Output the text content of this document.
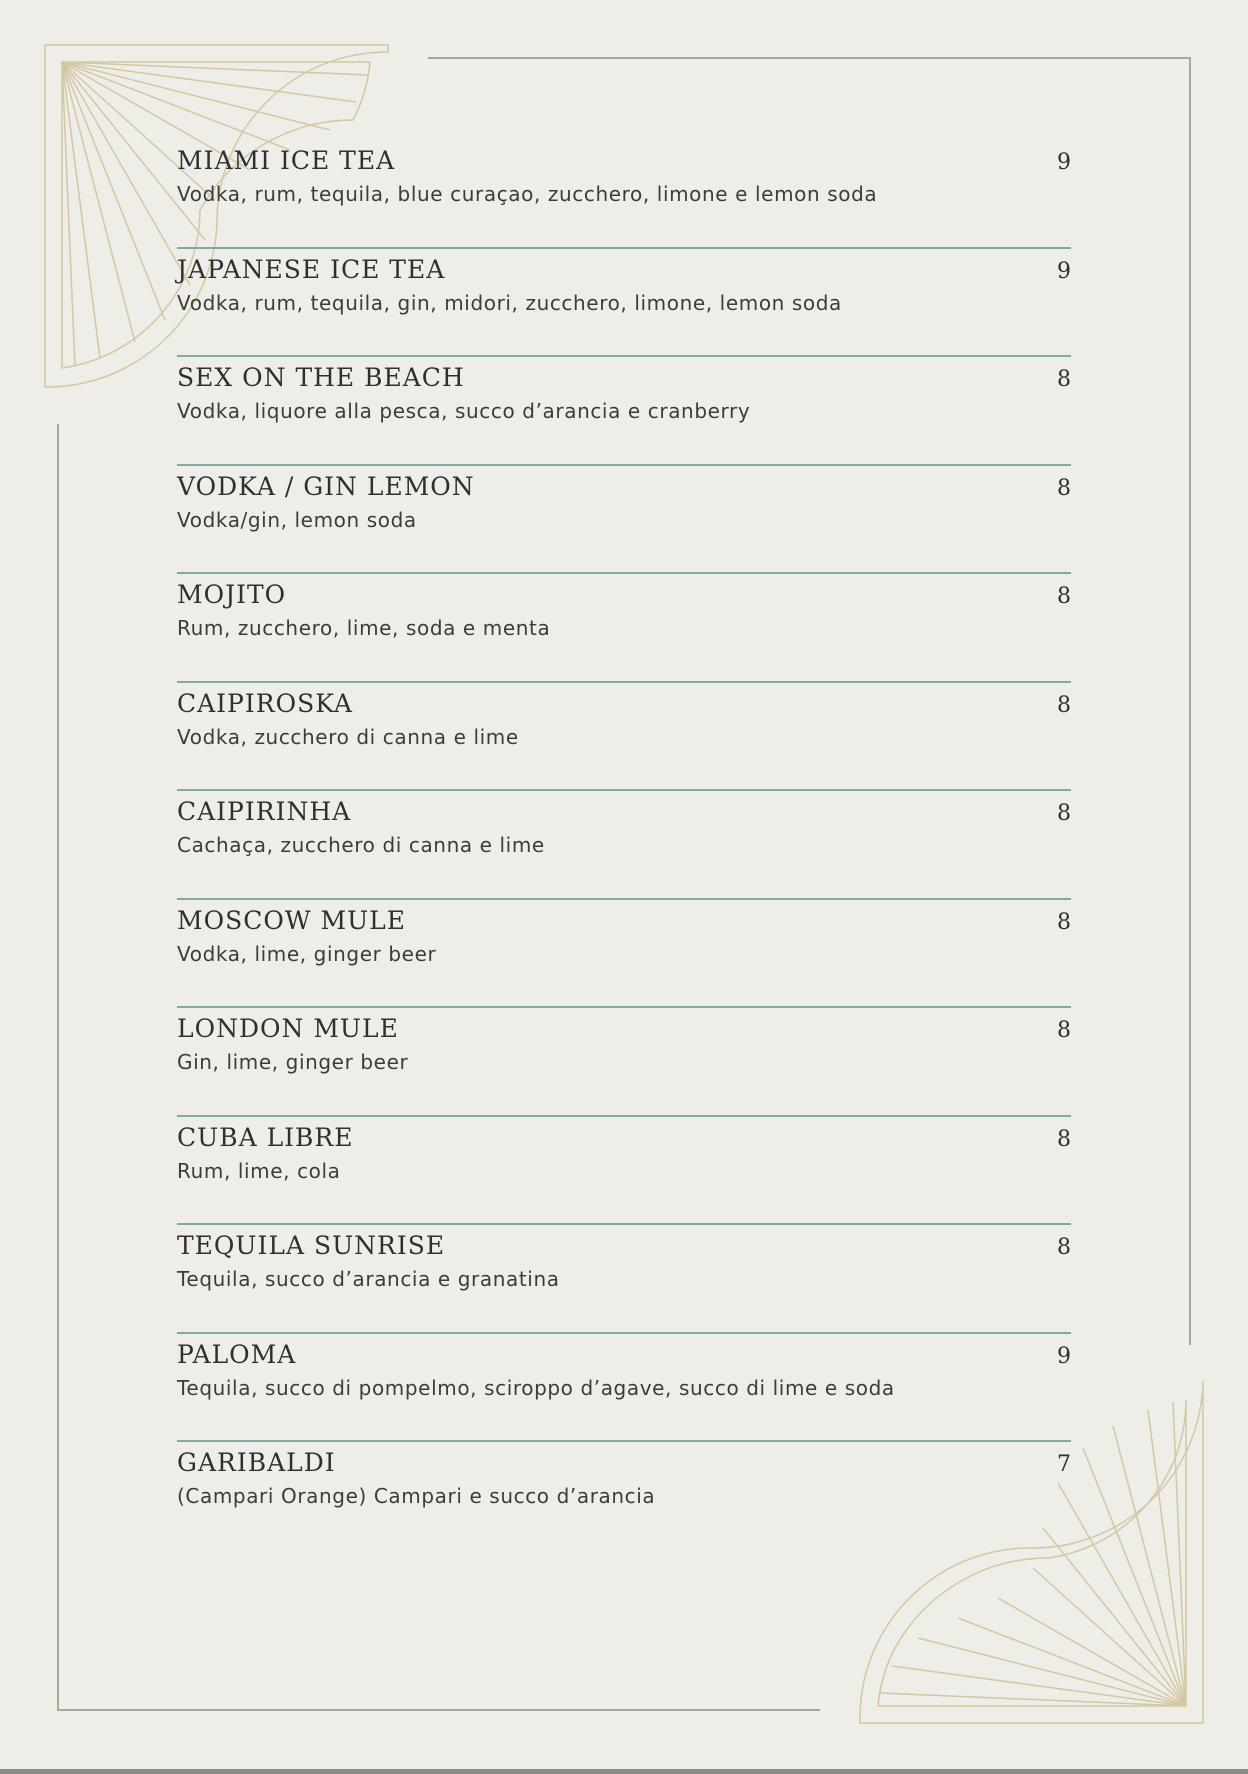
MIAMI ICE TEA	9
Vodka, rum, tequila, blue curaçao, zucchero, limone e lemon soda
JAPANESE ICE TEA	9
Vodka, rum, tequila, gin, midori, zucchero, limone, lemon soda
SEX ON THE BEACH	8
Vodka, liquore alla pesca, succo d’arancia e cranberry
VODKA / GIN LEMON	8
Vodka/gin, lemon soda
MOJITO	8
Rum, zucchero, lime, soda e menta
CAIPIROSKA	8
Vodka, zucchero di canna e lime
CAIPIRINHA	8
Cachaça, zucchero di canna e lime
MOSCOW MULE	8
Vodka, lime, ginger beer
LONDON MULE	8
Gin, lime, ginger beer
CUBA LIBRE	8
Rum, lime, cola
TEQUILA SUNRISE	8
Tequila, succo d’arancia e granatina
PALOMA	9
Tequila, succo di pompelmo, sciroppo d’agave, succo di lime e soda
GARIBALDI	7
(Campari Orange) Campari e succo d’arancia
